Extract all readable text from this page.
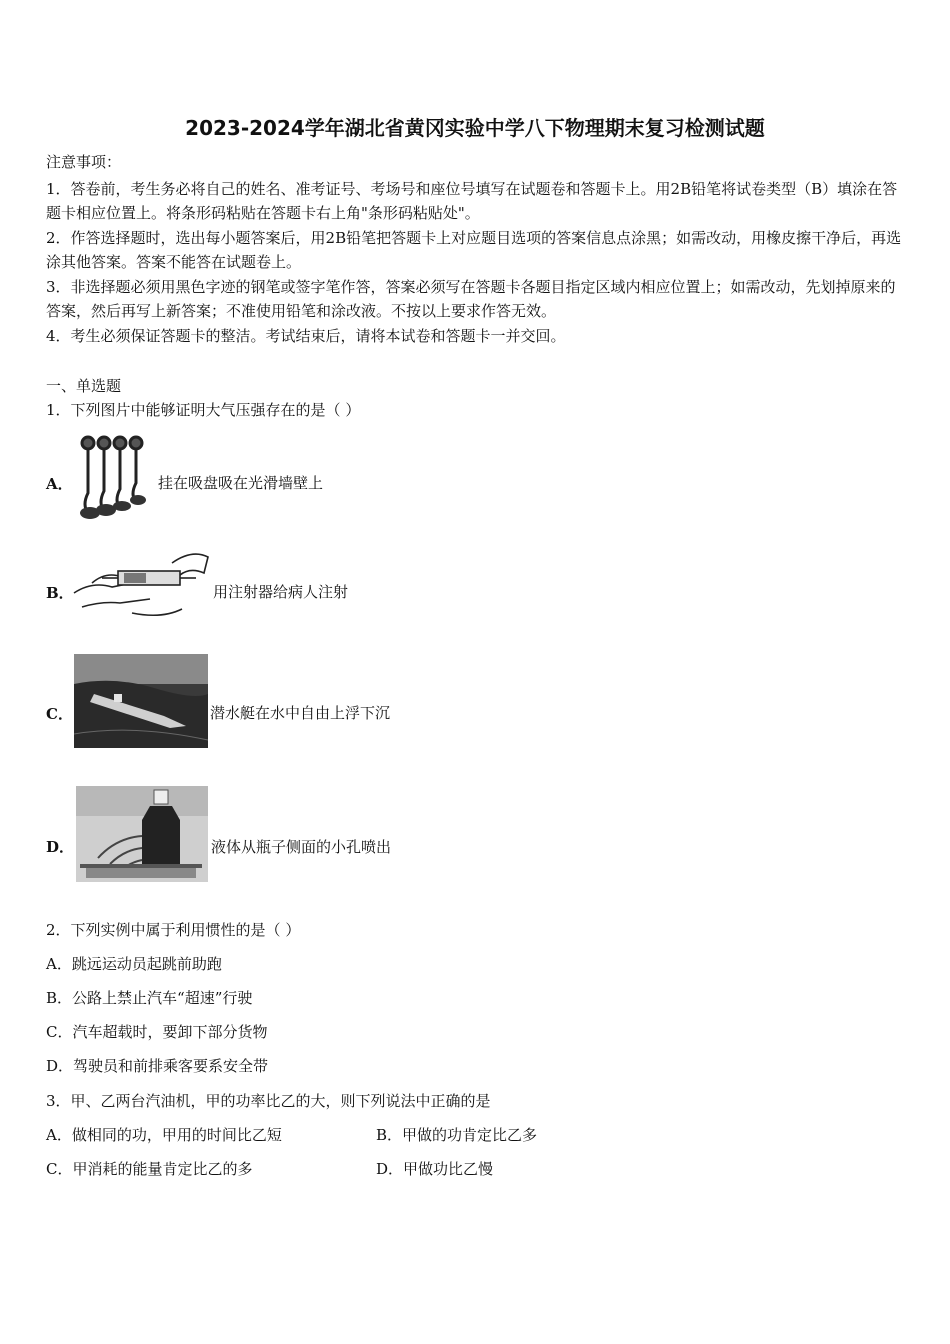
2023-2024学年湖北省黄冈实验中学八下物理期末复习检测试题
注意事项：
1．答卷前，考生务必将自己的姓名、准考证号、考场号和座位号填写在试题卷和答题卡上。用2B铅笔将试卷类型（B）填涂在答题卡相应位置上。将条形码粘贴在答题卡右上角"条形码粘贴处"。
2．作答选择题时，选出每小题答案后，用2B铅笔把答题卡上对应题目选项的答案信息点涂黑；如需改动，用橡皮擦干净后，再选涂其他答案。答案不能答在试题卷上。
3．非选择题必须用黑色字迹的钢笔或签字笔作答，答案必须写在答题卡各题目指定区域内相应位置上；如需改动，先划掉原来的答案，然后再写上新答案；不准使用铅笔和涂改液。不按以上要求作答无效。
4．考生必须保证答题卡的整洁。考试结束后，请将本试卷和答题卡一并交回。
一、单选题
1．下列图片中能够证明大气压强存在的是（ ）
A．	挂在吸盘吸在光滑墙壁上
B．	用注射器给病人注射
C．	潜水艇在水中自由上浮下沉
D．	液体从瓶子侧面的小孔喷出
2．下列实例中属于利用惯性的是（ ）
A．跳远运动员起跳前助跑
B．公路上禁止汽车“超速”行驶
C．汽车超载时，要卸下部分货物
D．驾驶员和前排乘客要系安全带
3．甲、乙两台汽油机，甲的功率比乙的大，则下列说法中正确的是
A．做相同的功，甲用的时间比乙短	B．甲做的功肯定比乙多
C．甲消耗的能量肯定比乙的多	D．甲做功比乙慢
